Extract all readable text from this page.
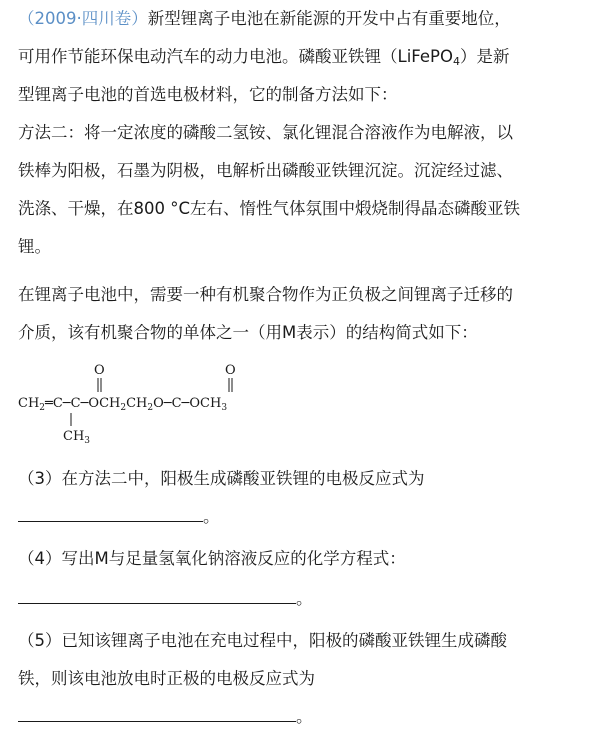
（2009·四川卷）新型锂离子电池在新能源的开发中占有重要地位，
可用作节能环保电动汽车的动力电池。磷酸亚铁锂（LiFePO$_4$）是新
型锂离子电池的首选电极材料，它的制备方法如下：
方法二：将一定浓度的磷酸二氢铵、氯化锂混合溶液作为电解液，以
铁棒为阳极，石墨为阴极，电解析出磷酸亚铁锂沉淀。沉淀经过滤、
洗涤、干燥，在800 °C左右、惰性气体氛围中煅烧制得晶态磷酸亚铁
锂。
在锂离子电池中，需要一种有机聚合物作为正负极之间锂离子迁移的
介质，该有机聚合物的单体之一（用M表示）的结构简式如下：
O	O
$CH_2═C─C─OCH_2CH_2O─C─OCH_3$
$CH_3$
（3）在方法二中，阳极生成磷酸亚铁锂的电极反应式为
。
（4）写出M与足量氢氧化钠溶液反应的化学方程式：
。
（5）已知该锂离子电池在充电过程中，阳极的磷酸亚铁锂生成磷酸
铁，则该电池放电时正极的电极反应式为
。
